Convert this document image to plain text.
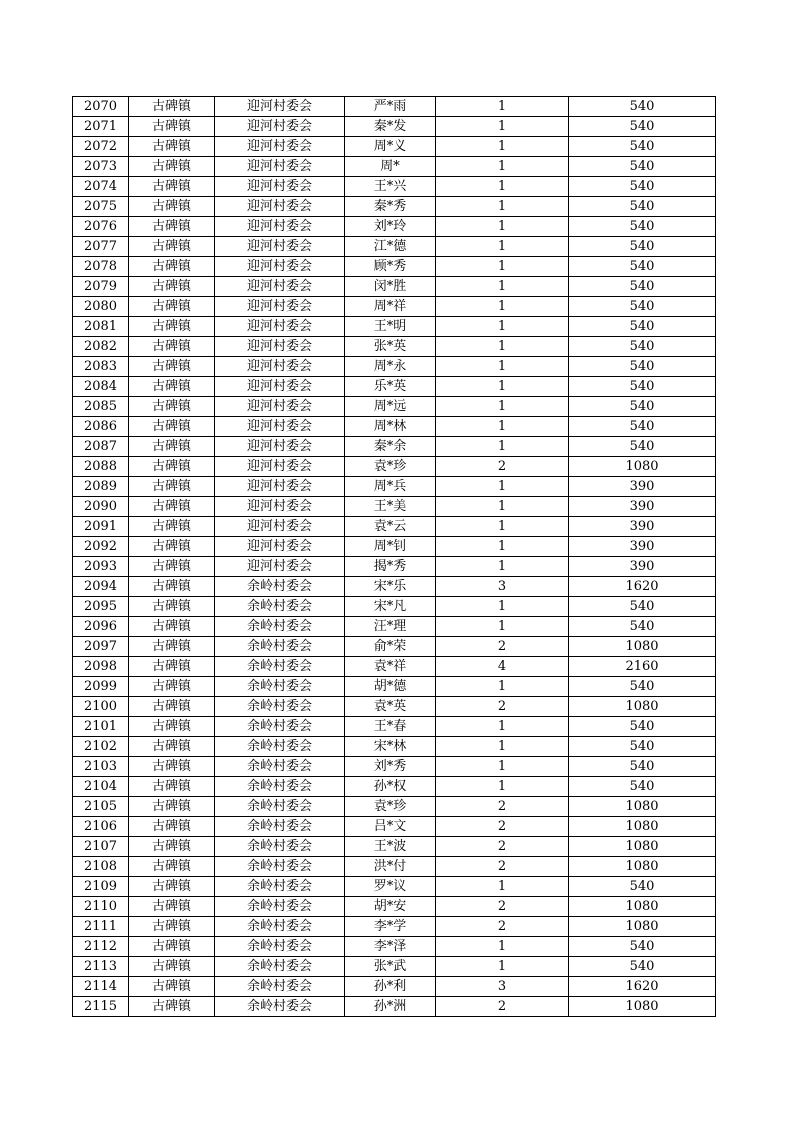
2070	古碑镇	迎河村委会	严*雨	1	540
2071	古碑镇	迎河村委会	秦*发	1	540
2072	古碑镇	迎河村委会	周*义	1	540
2073	古碑镇	迎河村委会	周*	1	540
2074	古碑镇	迎河村委会	王*兴	1	540
2075	古碑镇	迎河村委会	秦*秀	1	540
2076	古碑镇	迎河村委会	刘*玲	1	540
2077	古碑镇	迎河村委会	江*德	1	540
2078	古碑镇	迎河村委会	顾*秀	1	540
2079	古碑镇	迎河村委会	闵*胜	1	540
2080	古碑镇	迎河村委会	周*祥	1	540
2081	古碑镇	迎河村委会	王*明	1	540
2082	古碑镇	迎河村委会	张*英	1	540
2083	古碑镇	迎河村委会	周*永	1	540
2084	古碑镇	迎河村委会	乐*英	1	540
2085	古碑镇	迎河村委会	周*远	1	540
2086	古碑镇	迎河村委会	周*林	1	540
2087	古碑镇	迎河村委会	秦*余	1	540
2088	古碑镇	迎河村委会	袁*珍	2	1080
2089	古碑镇	迎河村委会	周*兵	1	390
2090	古碑镇	迎河村委会	王*美	1	390
2091	古碑镇	迎河村委会	袁*云	1	390
2092	古碑镇	迎河村委会	周*钊	1	390
2093	古碑镇	迎河村委会	揭*秀	1	390
2094	古碑镇	余岭村委会	宋*乐	3	1620
2095	古碑镇	余岭村委会	宋*凡	1	540
2096	古碑镇	余岭村委会	汪*理	1	540
2097	古碑镇	余岭村委会	俞*荣	2	1080
2098	古碑镇	余岭村委会	袁*祥	4	2160
2099	古碑镇	余岭村委会	胡*德	1	540
2100	古碑镇	余岭村委会	袁*英	2	1080
2101	古碑镇	余岭村委会	王*春	1	540
2102	古碑镇	余岭村委会	宋*林	1	540
2103	古碑镇	余岭村委会	刘*秀	1	540
2104	古碑镇	余岭村委会	孙*权	1	540
2105	古碑镇	余岭村委会	袁*珍	2	1080
2106	古碑镇	余岭村委会	吕*文	2	1080
2107	古碑镇	余岭村委会	王*波	2	1080
2108	古碑镇	余岭村委会	洪*付	2	1080
2109	古碑镇	余岭村委会	罗*议	1	540
2110	古碑镇	余岭村委会	胡*安	2	1080
2111	古碑镇	余岭村委会	李*学	2	1080
2112	古碑镇	余岭村委会	李*泽	1	540
2113	古碑镇	余岭村委会	张*武	1	540
2114	古碑镇	余岭村委会	孙*利	3	1620
2115	古碑镇	余岭村委会	孙*洲	2	1080
